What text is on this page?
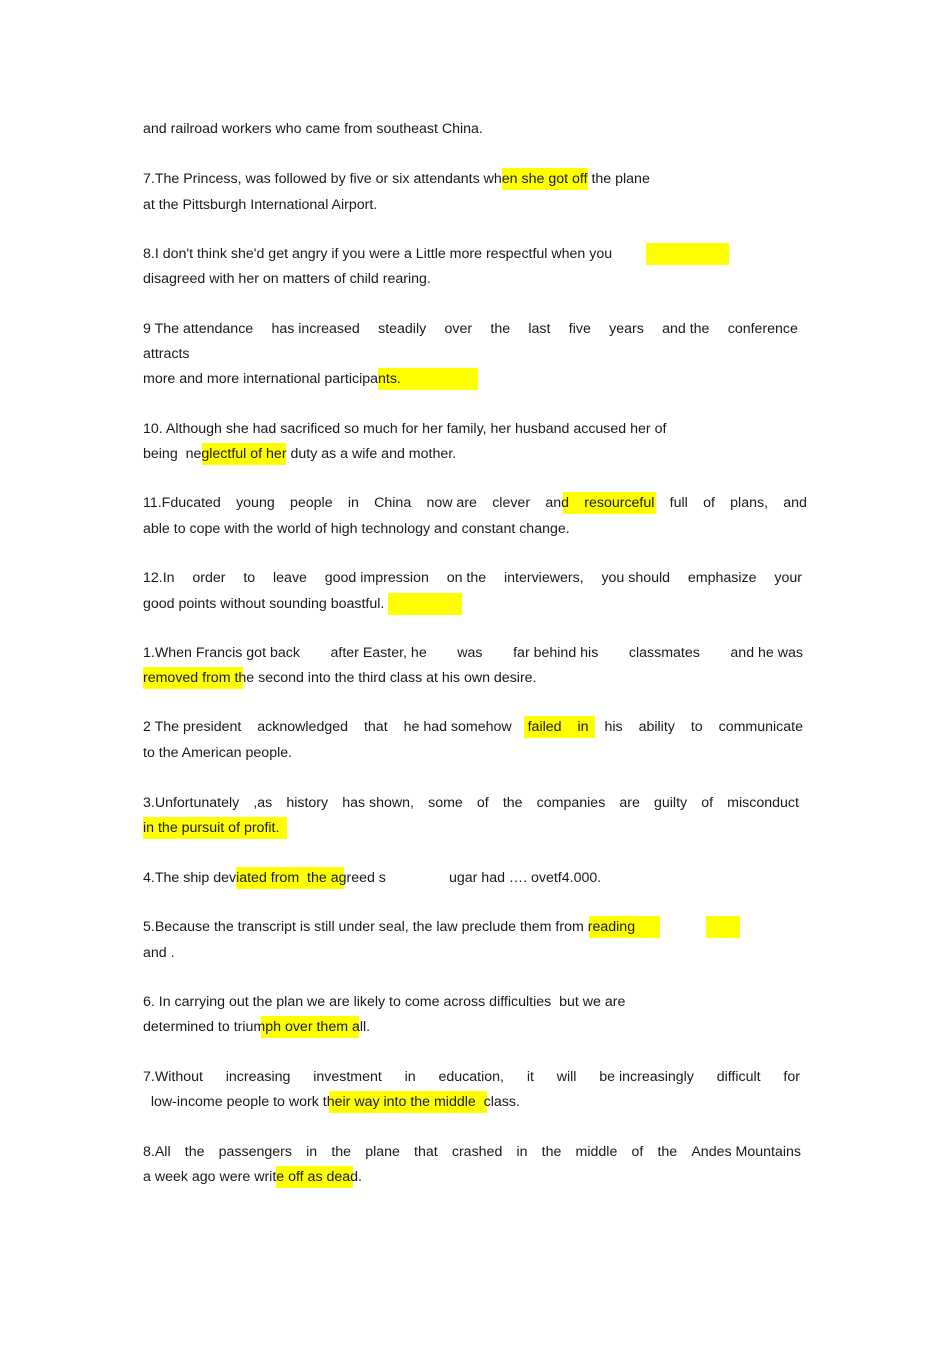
and railroad workers who came from southeast China.
7.The Princess, was followed by five or six attendants when she got off the plane
at the Pittsburgh International Airport.
8.I don't think she'd get angry if you were a Little more respectful when you
disagreed with her on matters of child rearing.
9 The attendance has increased steadily over the last five years and the conference
attracts
more and more international participants.
10. Although she had sacrificed so much for her family, her husband accused her of
being  neglectful of her duty as a wife and mother.
11.Fducated young people in China now are clever and resourceful full of plans, and
able to cope with the world of high technology and constant change.
12.In order to leave good impression on the interviewers, you should emphasize your
good points without sounding boastful.
1.When Francis got back after Easter, he was far behind his classmates and he was
removed from the second into the third class at his own desire.
2 The president acknowledged that he had somehow failed in his ability to communicate
to the American people.
3.Unfortunately ,as history has shown, some of the companies are guilty of misconduct
in the pursuit of profit.
4.The ship deviated from  the agreed s                ugar had …. ovetf4.000.
5.Because the transcript is still under seal, the law preclude them from reading
and .
6. In carrying out the plan we are likely to come across difficulties  but we are
determined to triumph over them all.
7.Without increasing investment in education, it will be increasingly difficult for
low-income people to work their way into the middle  class.
8.All the passengers in the plane that crashed in the middle of the Andes Mountains
a week ago were write off as dead.
